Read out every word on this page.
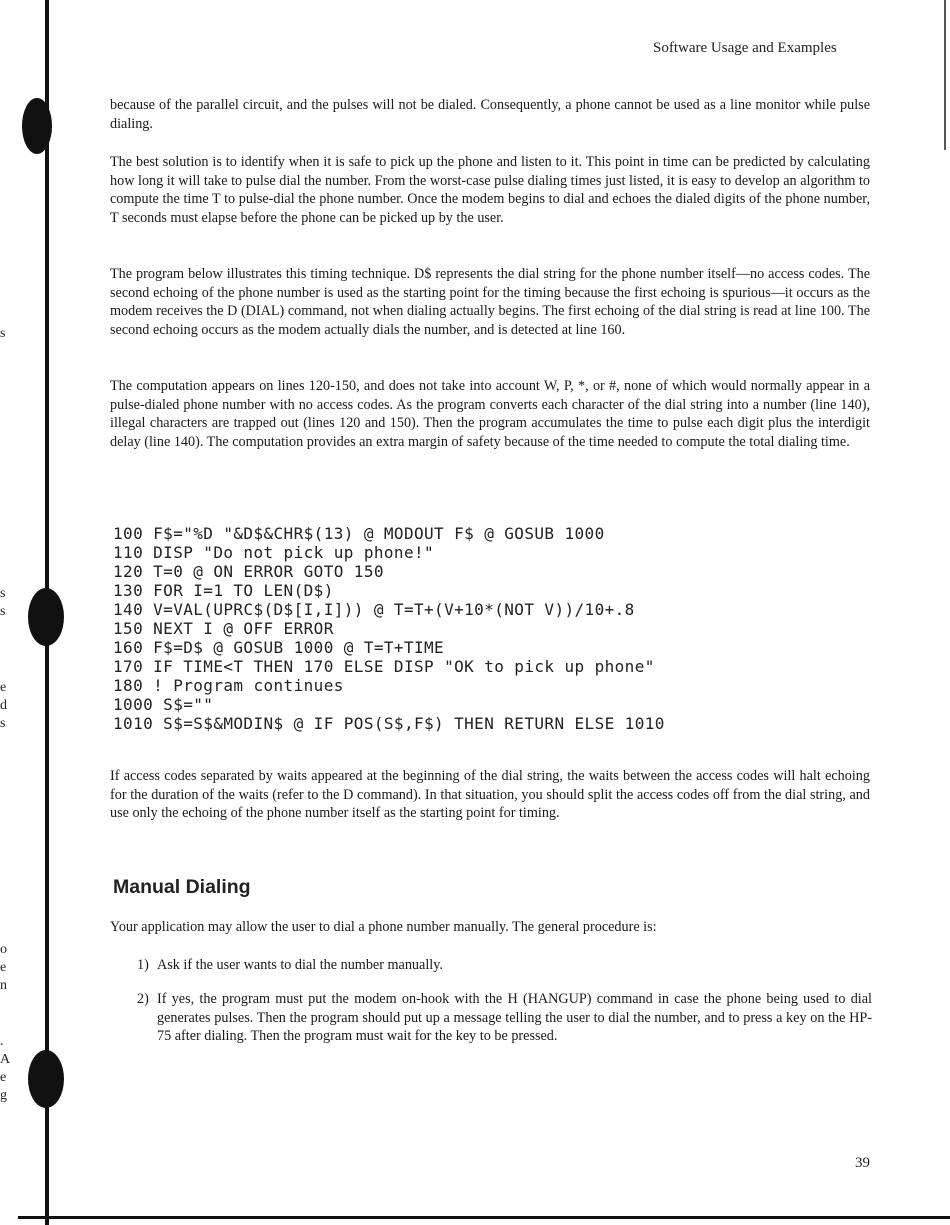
s
s
s
e
d
s
o
e
n
.
A
e
g
Software Usage and Examples

because of the parallel circuit, and the pulses will not be dialed. Consequently, a phone cannot be used as a line monitor while pulse dialing.

The best solution is to identify when it is safe to pick up the phone and listen to it. This point in time can be predicted by calculating how long it will take to pulse dial the number. From the worst-case pulse dialing times just listed, it is easy to develop an algorithm to compute the time T to pulse-dial the phone number. Once the modem begins to dial and echoes the dialed digits of the phone number, T seconds must elapse before the phone can be picked up by the user.

The program below illustrates this timing technique. D$ represents the dial string for the phone number itself—no access codes. The second echoing of the phone number is used as the starting point for the timing because the first echoing is spurious—it occurs as the modem receives the D (DIAL) command, not when dialing actually begins. The first echoing of the dial string is read at line 100. The second echoing occurs as the modem actually dials the number, and is detected at line 160.

The computation appears on lines 120-150, and does not take into account W, P, *, or #, none of which would normally appear in a pulse-dialed phone number with no access codes. As the program converts each character of the dial string into a number (line 140), illegal characters are trapped out (lines 120 and 150). Then the program accumulates the time to pulse each digit plus the interdigit delay (line 140). The computation provides an extra margin of safety because of the time needed to compute the total dialing time.

100 F$="%D "&D$&CHR$(13) @ MODOUT F$ @ GOSUB 1000
110 DISP "Do not pick up phone!"
120 T=0 @ ON ERROR GOTO 150
130 FOR I=1 TO LEN(D$)
140 V=VAL(UPRC$(D$[I,I])) @ T=T+(V+10*(NOT V))/10+.8
150 NEXT I @ OFF ERROR
160 F$=D$ @ GOSUB 1000 @ T=T+TIME
170 IF TIME<T THEN 170 ELSE DISP "OK to pick up phone"
180 ! Program continues
1000 S$=""
1010 S$=S$&MODIN$ @ IF POS(S$,F$) THEN RETURN ELSE 1010

If access codes separated by waits appeared at the beginning of the dial string, the waits between the access codes will halt echoing for the duration of the waits (refer to the D command). In that situation, you should split the access codes off from the dial string, and use only the echoing of the phone number itself as the starting point for timing.

Manual Dialing

Your application may allow the user to dial a phone number manually. The general procedure is:

1) Ask if the user wants to dial the number manually.
2) If yes, the program must put the modem on-hook with the H (HANGUP) command in case the phone being used to dial generates pulses. Then the program should put up a message telling the user to dial the number, and to press a key on the HP-75 after dialing. Then the program must wait for the key to be pressed.
39
